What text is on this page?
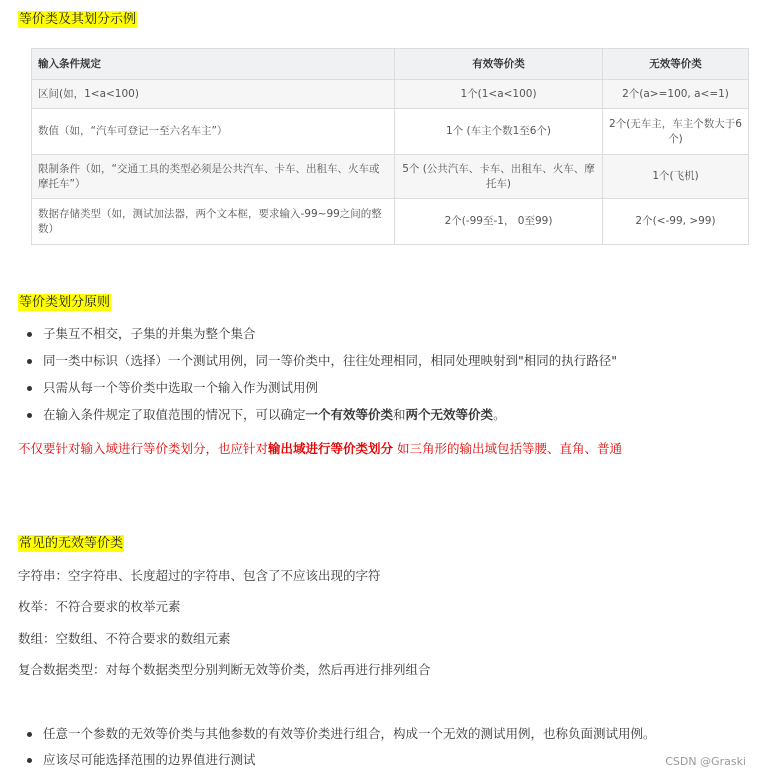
等价类及其划分示例
输入条件规定	有效等价类	无效等价类
区间(如，1<a<100)	1个(1<a<100)	2个(a>=100, a<=1)
数值（如，“汽车可登记一至六名车主”）	1个 (车主个数1至6个)	2个(无车主，车主个数大于6个)
限制条件（如，“交通工具的类型必须是公共汽车、卡车、出租车、火车或摩托车”）	5个 (公共汽车、卡车、出租车、火车、摩托车)	1个(飞机)
数据存储类型（如，测试加法器，两个文本框，要求输入-99~99之间的整数）	2个(-99至-1， 0至99)	2个(<-99, >99)
等价类划分原则
子集互不相交，子集的并集为整个集合
同一类中标识（选择）一个测试用例，同一等价类中，往往处理相同，相同处理映射到"相同的执行路径"
只需从每一个等价类中选取一个输入作为测试用例
在输入条件规定了取值范围的情况下，可以确定一个有效等价类和两个无效等价类。

不仅要针对输入域进行等价类划分，也应针对输出域进行等价类划分 如三角形的输出域包括等腰、直角、普通

常见的无效等价类

字符串：空字符串、长度超过的字符串、包含了不应该出现的字符

枚举：不符合要求的枚举元素

数组：空数组、不符合要求的数组元素

复合数据类型：对每个数据类型分别判断无效等价类，然后再进行排列组合

任意一个参数的无效等价类与其他参数的有效等价类进行组合，构成一个无效的测试用例，也称负面测试用例。
应该尽可能选择范围的边界值进行测试	CSDN @Graski
